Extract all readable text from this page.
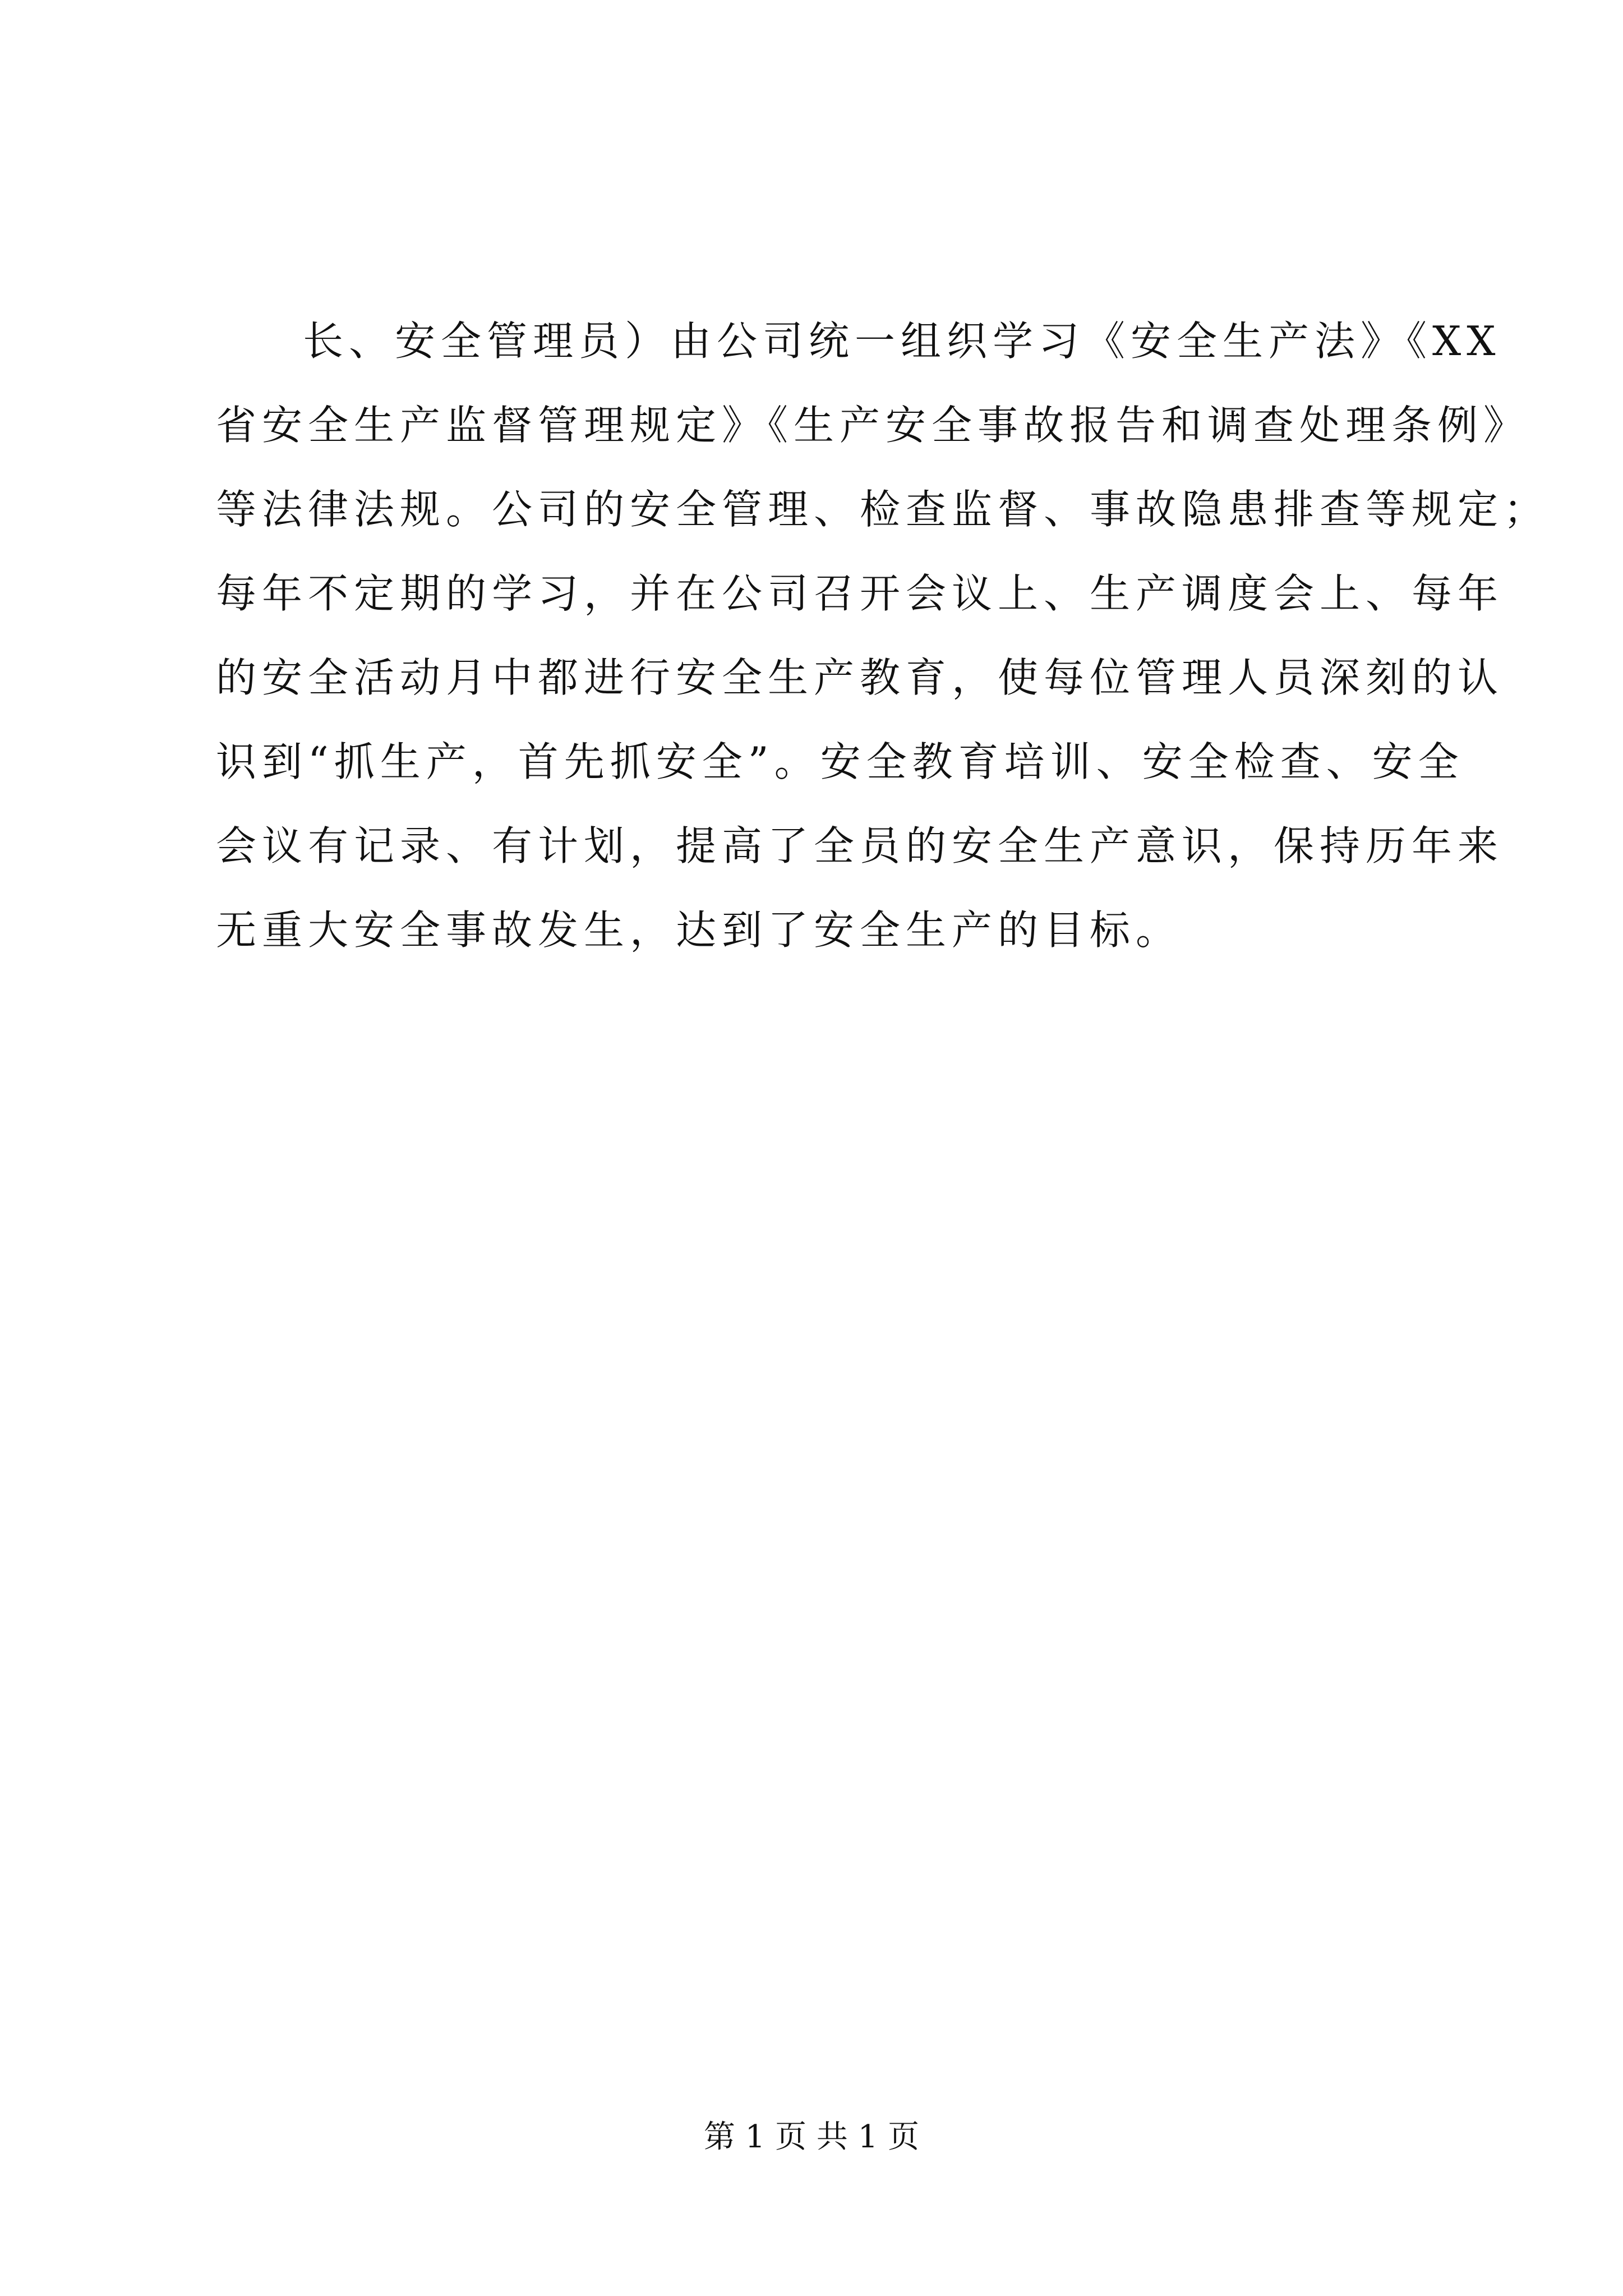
长、安全管理员）由公司统一组织学习《安全生产法》《XX
省安全生产监督管理规定》《生产安全事故报告和调查处理条例》
等法律法规。公司的安全管理、检查监督、事故隐患排查等规定；
每年不定期的学习，并在公司召开会议上、生产调度会上、每年
的安全活动月中都进行安全生产教育，使每位管理人员深刻的认
识到“抓生产，首先抓安全”。安全教育培训、安全检查、安全
会议有记录、有计划，提高了全员的安全生产意识，保持历年来
无重大安全事故发生，达到了安全生产的目标。
第 1 页 共 1 页
